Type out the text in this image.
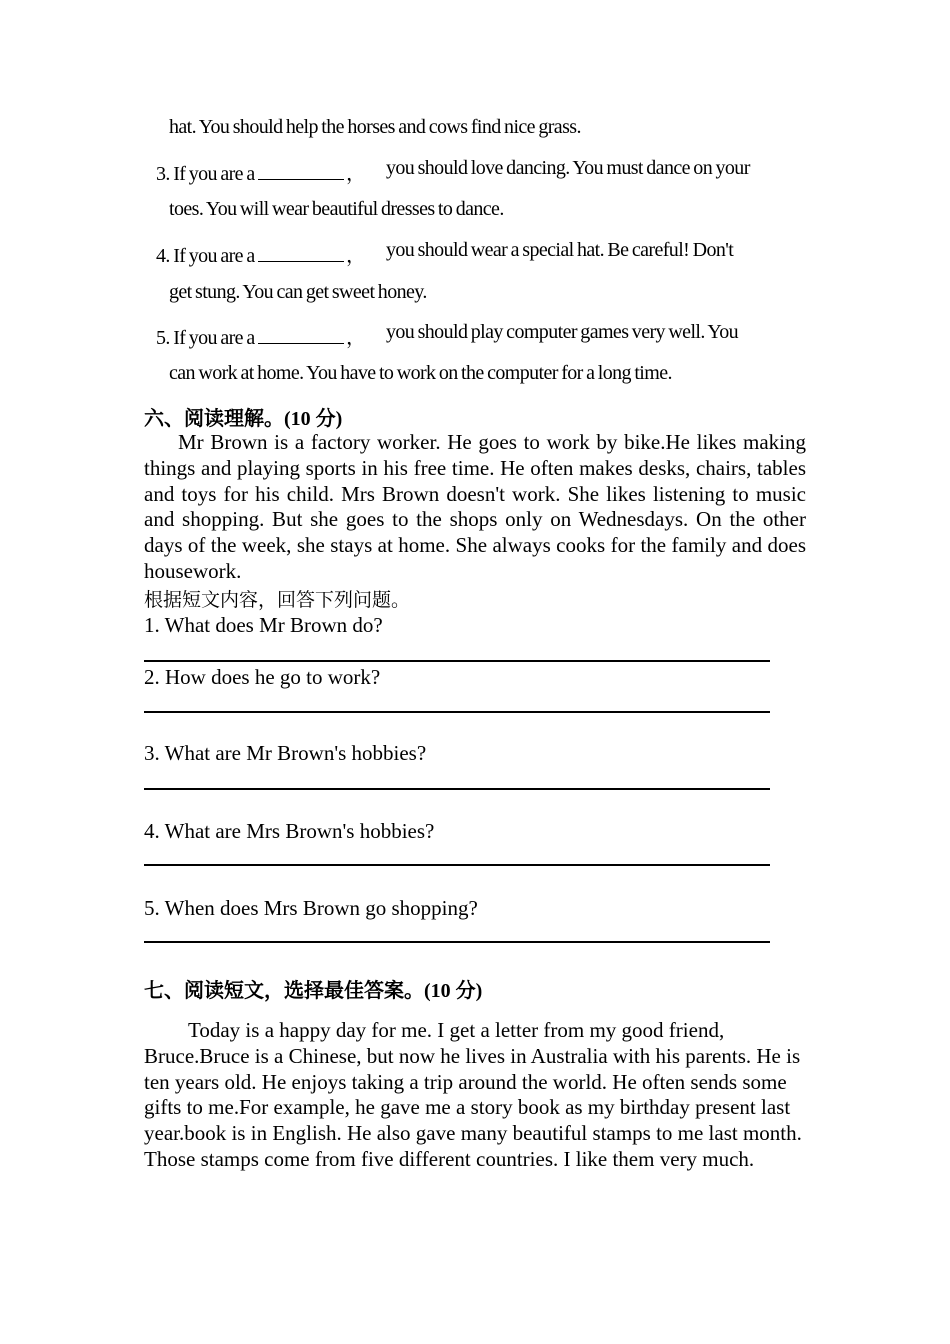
hat. You should help the horses and cows find nice grass.
3. If you are a	， you should love dancing. You must dance on your
toes. You will wear beautiful dresses to dance.
4. If you are a	， you should wear a special hat. Be careful! Don't
get stung. You can get sweet honey.
5. If you are a	， you should play computer games very well. You
can work at home. You have to work on the computer for a long time.
六、阅读理解。(10 分)
Mr Brown is a factory worker. He goes to work by bike.He likes making things and playing sports in his free time. He often makes desks, chairs, tables and toys for his child. Mrs Brown doesn't work. She likes listening to music and shopping. But she goes to the shops only on Wednesdays. On the other days of the week, she stays at home. She always cooks for the family and does housework.
根据短文内容，回答下列问题。
1. What does Mr Brown do?
2. How does he go to work?
3. What are Mr Brown's hobbies?
4. What are Mrs Brown's hobbies?
5. When does Mrs Brown go shopping?
七、阅读短文，选择最佳答案。(10 分)
Today is a happy day for me. I get a letter from my good friend, Bruce.Bruce is a Chinese, but now he lives in Australia with his parents. He is ten years old. He enjoys taking a trip around the world. He often sends some gifts to me.For example, he gave me a story book as my birthday present last year.book is in English. He also gave many beautiful stamps to me last month. Those stamps come from five different countries. I like them very much.
